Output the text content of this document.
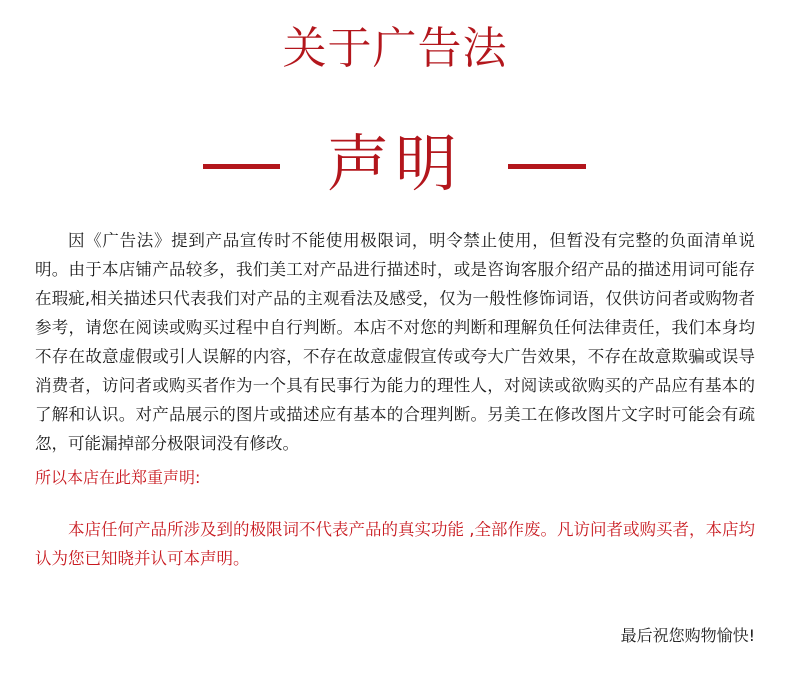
关于广告法
声明

因《广告法》提到产品宣传时不能使用极限词，明令禁止使用，但暂没有完整的负面清单说明。由于本店铺产品较多，我们美工对产品进行描述时，或是咨询客服介绍产品的描述用词可能存在瑕疵,相关描述只代表我们对产品的主观看法及感受，仅为一般性修饰词语，仅供访问者或购物者参考，请您在阅读或购买过程中自行判断。本店不对您的判断和理解负任何法律责任，我们本身均不存在故意虚假或引人误解的内容，不存在故意虚假宣传或夸大广告效果，不存在故意欺骗或误导消费者，访问者或购买者作为一个具有民事行为能力的理性人，对阅读或欲购买的产品应有基本的了解和认识。对产品展示的图片或描述应有基本的合理判断。另美工在修改图片文字时可能会有疏忽，可能漏掉部分极限词没有修改。

所以本店在此郑重声明:

本店任何产品所涉及到的极限词不代表产品的真实功能 ,全部作废。凡访问者或购买者，本店均认为您已知晓并认可本声明。

最后祝您购物愉快!
